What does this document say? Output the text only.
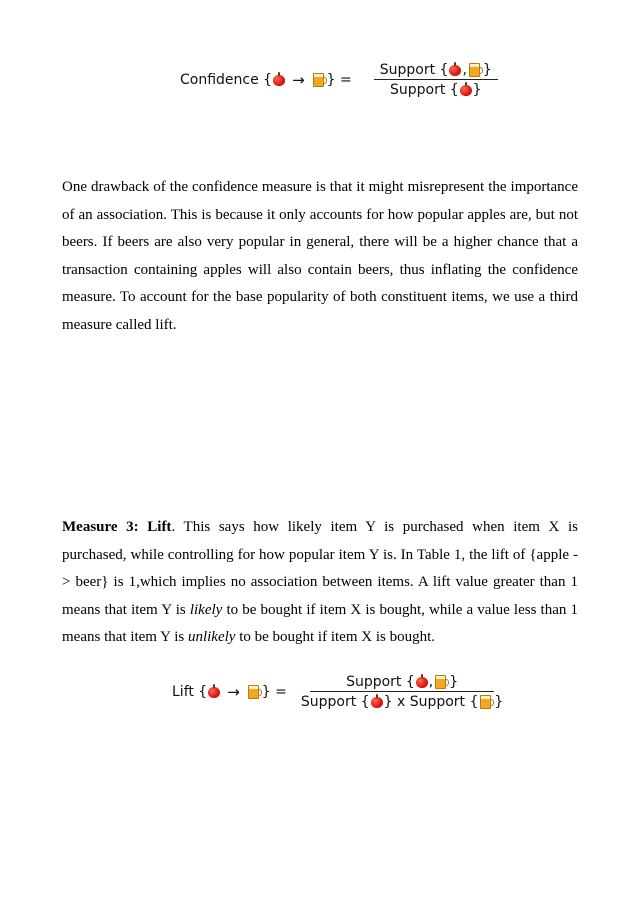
Confidence { → } = $\frac{\text{Support \{ , \}}}{\text{Support \{ \}}}$

One drawback of the confidence measure is that it might misrepresent the importance of an association. This is because it only accounts for how popular apples are, but not beers. If beers are also very popular in general, there will be a higher chance that a transaction containing apples will also contain beers, thus inflating the confidence measure. To account for the base popularity of both constituent items, we use a third measure called lift.

Measure 3: Lift. This says how likely item Y is purchased when item X is purchased, while controlling for how popular item Y is. In Table 1, the lift of {apple -> beer} is 1,which implies no association between items. A lift value greater than 1 means that item Y is likely to be bought if item X is bought, while a value less than 1 means that item Y is unlikely to be bought if item X is bought.

Lift { → } =
Support { , }
Support { } x Support { }
